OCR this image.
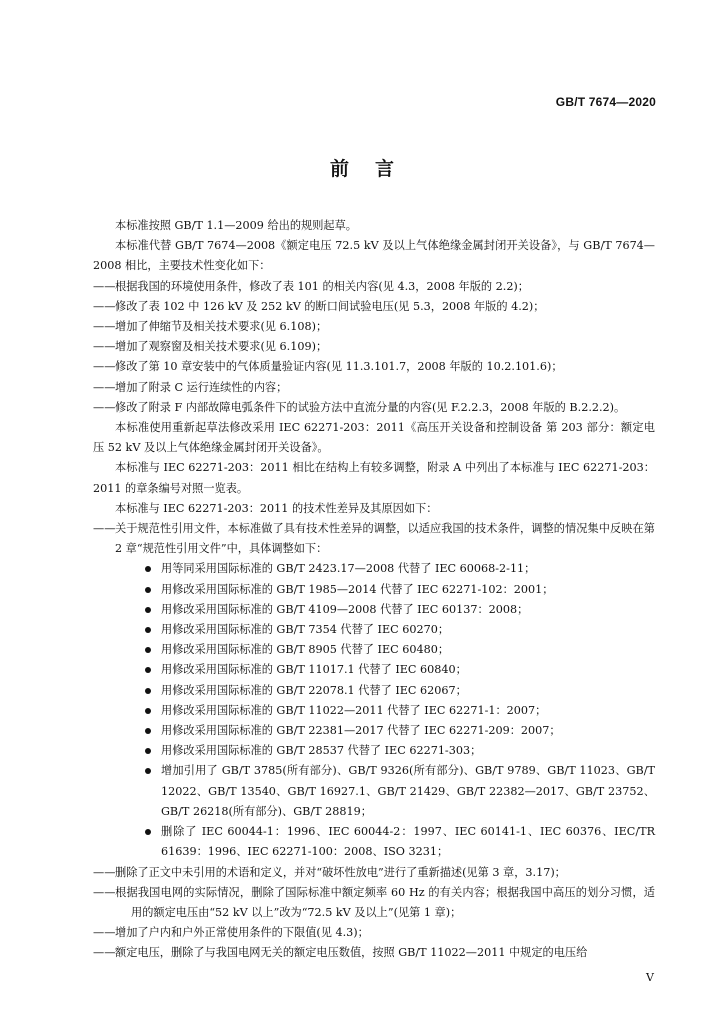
GB/T 7674—2020
前言
本标准按照 GB/T 1.1—2009 给出的规则起草。
本标准代替 GB/T 7674—2008《额定电压 72.5 kV 及以上气体绝缘金属封闭开关设备》，与 GB/T 7674—2008 相比，主要技术性变化如下：
——根据我国的环境使用条件，修改了表 101 的相关内容(见 4.3，2008 年版的 2.2)；
——修改了表 102 中 126 kV 及 252 kV 的断口间试验电压(见 5.3，2008 年版的 4.2)；
——增加了伸缩节及相关技术要求(见 6.108)；
——增加了观察窗及相关技术要求(见 6.109)；
——修改了第 10 章安装中的气体质量验证内容(见 11.3.101.7，2008 年版的 10.2.101.6)；
——增加了附录 C 运行连续性的内容；
——修改了附录 F 内部故障电弧条件下的试验方法中直流分量的内容(见 F.2.2.3，2008 年版的 B.2.2.2)。
本标准使用重新起草法修改采用 IEC 62271-203：2011《高压开关设备和控制设备 第 203 部分：额定电压 52 kV 及以上气体绝缘金属封闭开关设备》。
本标准与 IEC 62271-203：2011 相比在结构上有较多调整，附录 A 中列出了本标准与 IEC 62271-203：2011 的章条编号对照一览表。
本标准与 IEC 62271-203：2011 的技术性差异及其原因如下：
——关于规范性引用文件，本标准做了具有技术性差异的调整，以适应我国的技术条件，调整的情况集中反映在第 2 章“规范性引用文件”中，具体调整如下：
用等同采用国际标准的 GB/T 2423.17—2008 代替了 IEC 60068-2-11；
用修改采用国际标准的 GB/T 1985—2014 代替了 IEC 62271-102：2001；
用修改采用国际标准的 GB/T 4109—2008 代替了 IEC 60137：2008；
用修改采用国际标准的 GB/T 7354 代替了 IEC 60270；
用修改采用国际标准的 GB/T 8905 代替了 IEC 60480；
用修改采用国际标准的 GB/T 11017.1 代替了 IEC 60840；
用修改采用国际标准的 GB/T 22078.1 代替了 IEC 62067；
用修改采用国际标准的 GB/T 11022—2011 代替了 IEC 62271-1：2007；
用修改采用国际标准的 GB/T 22381—2017 代替了 IEC 62271-209：2007；
用修改采用国际标准的 GB/T 28537 代替了 IEC 62271-303；
增加引用了 GB/T 3785(所有部分)、GB/T 9326(所有部分)、GB/T 9789、GB/T 11023、GB/T 12022、GB/T 13540、GB/T 16927.1、GB/T 21429、GB/T 22382—2017、GB/T 23752、GB/T 26218(所有部分)、GB/T 28819；
删除了 IEC 60044-1：1996、IEC 60044-2：1997、IEC 60141-1、IEC 60376、IEC/TR 61639：1996、IEC 62271-100：2008、ISO 3231；
——删除了正文中未引用的术语和定义，并对“破坏性放电”进行了重新描述(见第 3 章，3.17)；
——根据我国电网的实际情况，删除了国际标准中额定频率 60 Hz 的有关内容；根据我国中高压的划分习惯，适用的额定电压由“52 kV 以上”改为“72.5 kV 及以上”(见第 1 章)；
——增加了户内和户外正常使用条件的下限值(见 4.3)；
——额定电压，删除了与我国电网无关的额定电压数值，按照 GB/T 11022—2011 中规定的电压给
V
